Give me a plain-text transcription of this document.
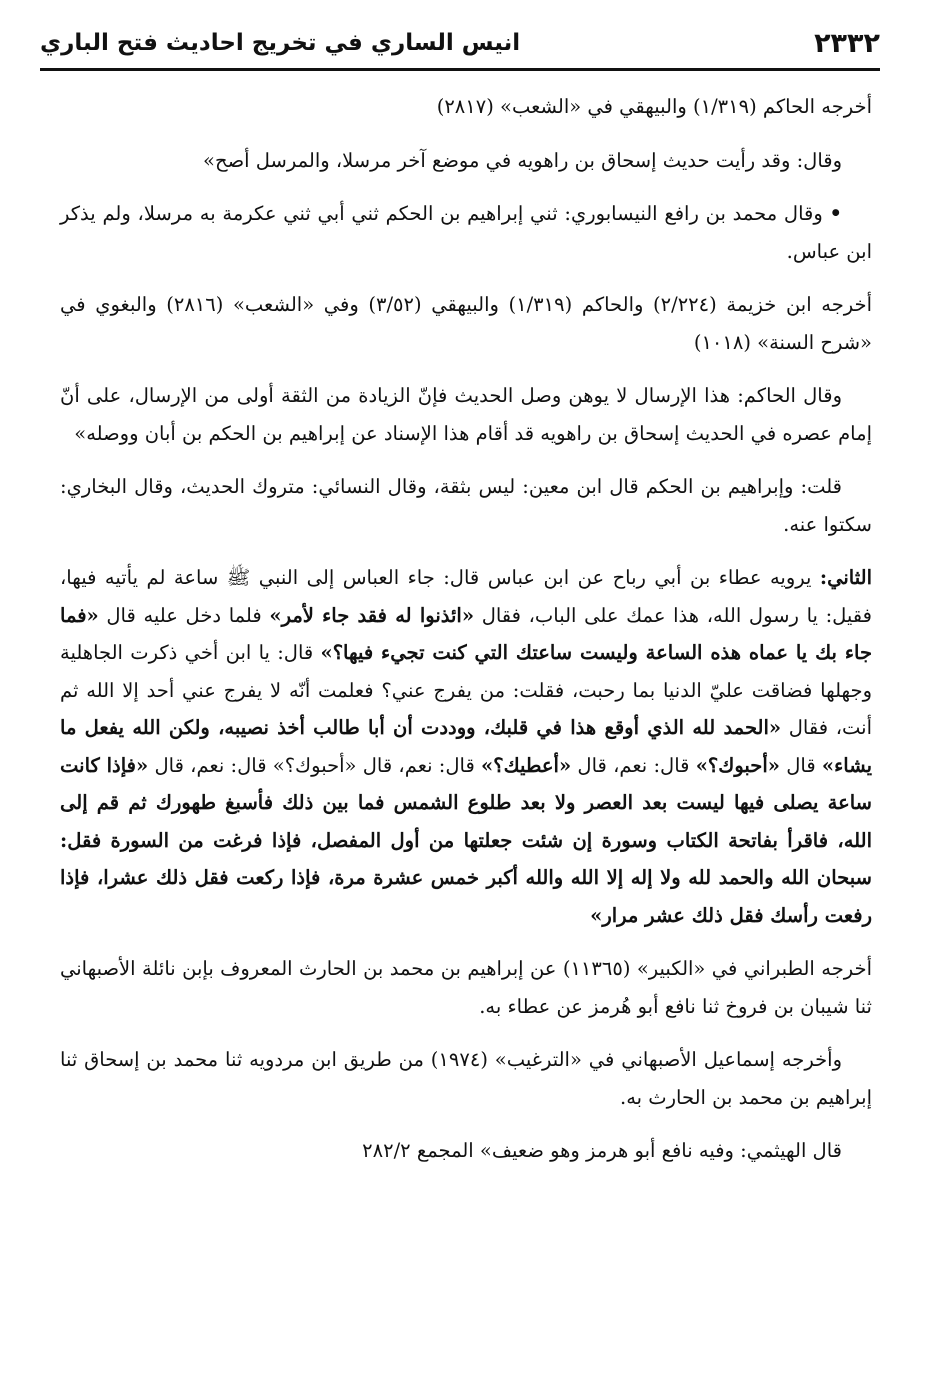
٢٣٣٢
انيس الساري في تخريج احاديث فتح الباري

أخرجه الحاكم (١/٣١٩) والبيهقي في «الشعب» (٢٨١٧)

وقال: وقد رأيت حديث إسحاق بن راهويه في موضع آخر مرسلا، والمرسل أصح»

• وقال محمد بن رافع النيسابوري: ثني إبراهيم بن الحكم ثني أبي ثني عكرمة به مرسلا، ولم يذكر ابن عباس.

أخرجه ابن خزيمة (٢/٢٢٤) والحاكم (١/٣١٩) والبيهقي (٣/٥٢) وفي «الشعب» (٢٨١٦) والبغوي في «شرح السنة» (١٠١٨)

وقال الحاكم: هذا الإرسال لا يوهن وصل الحديث فإنّ الزيادة من الثقة أولى من الإرسال، على أنّ إمام عصره في الحديث إسحاق بن راهويه قد أقام هذا الإسناد عن إبراهيم بن الحكم بن أبان ووصله»

قلت: وإبراهيم بن الحكم قال ابن معين: ليس بثقة، وقال النسائي: متروك الحديث، وقال البخاري: سكتوا عنه.

الثاني: يرويه عطاء بن أبي رباح عن ابن عباس قال: جاء العباس إلى النبي ﷺ ساعة لم يأتيه فيها، فقيل: يا رسول الله، هذا عمك على الباب، فقال «ائذنوا له فقد جاء لأمر» فلما دخل عليه قال «فما جاء بك يا عماه هذه الساعة وليست ساعتك التي كنت تجيء فيها؟» قال: يا ابن أخي ذكرت الجاهلية وجهلها فضاقت عليّ الدنيا بما رحبت، فقلت: من يفرج عني؟ فعلمت أنّه لا يفرج عني أحد إلا الله ثم أنت، فقال «الحمد لله الذي أوقع هذا في قلبك، ووددت أن أبا طالب أخذ نصيبه، ولكن الله يفعل ما يشاء» قال «أحبوك؟» قال: نعم، قال «أعطيك؟» قال: نعم، قال «أحبوك؟» قال: نعم، قال «فإذا كانت ساعة يصلى فيها ليست بعد العصر ولا بعد طلوع الشمس فما بين ذلك فأسبغ طهورك ثم قم إلى الله، فاقرأ بفاتحة الكتاب وسورة إن شئت جعلتها من أول المفصل، فإذا فرغت من السورة فقل: سبحان الله والحمد لله ولا إله إلا الله والله أكبر خمس عشرة مرة، فإذا ركعت فقل ذلك عشرا، فإذا رفعت رأسك فقل ذلك عشر مرار»

أخرجه الطبراني في «الكبير» (١١٣٦٥) عن إبراهيم بن محمد بن الحارث المعروف بإبن نائلة الأصبهاني ثنا شيبان بن فروخ ثنا نافع أبو هُرمز عن عطاء به.

وأخرجه إسماعيل الأصبهاني في «الترغيب» (١٩٧٤) من طريق ابن مردويه ثنا محمد بن إسحاق ثنا إبراهيم بن محمد بن الحارث به.

قال الهيثمي: وفيه نافع أبو هرمز وهو ضعيف» المجمع ٢٨٢/٢
